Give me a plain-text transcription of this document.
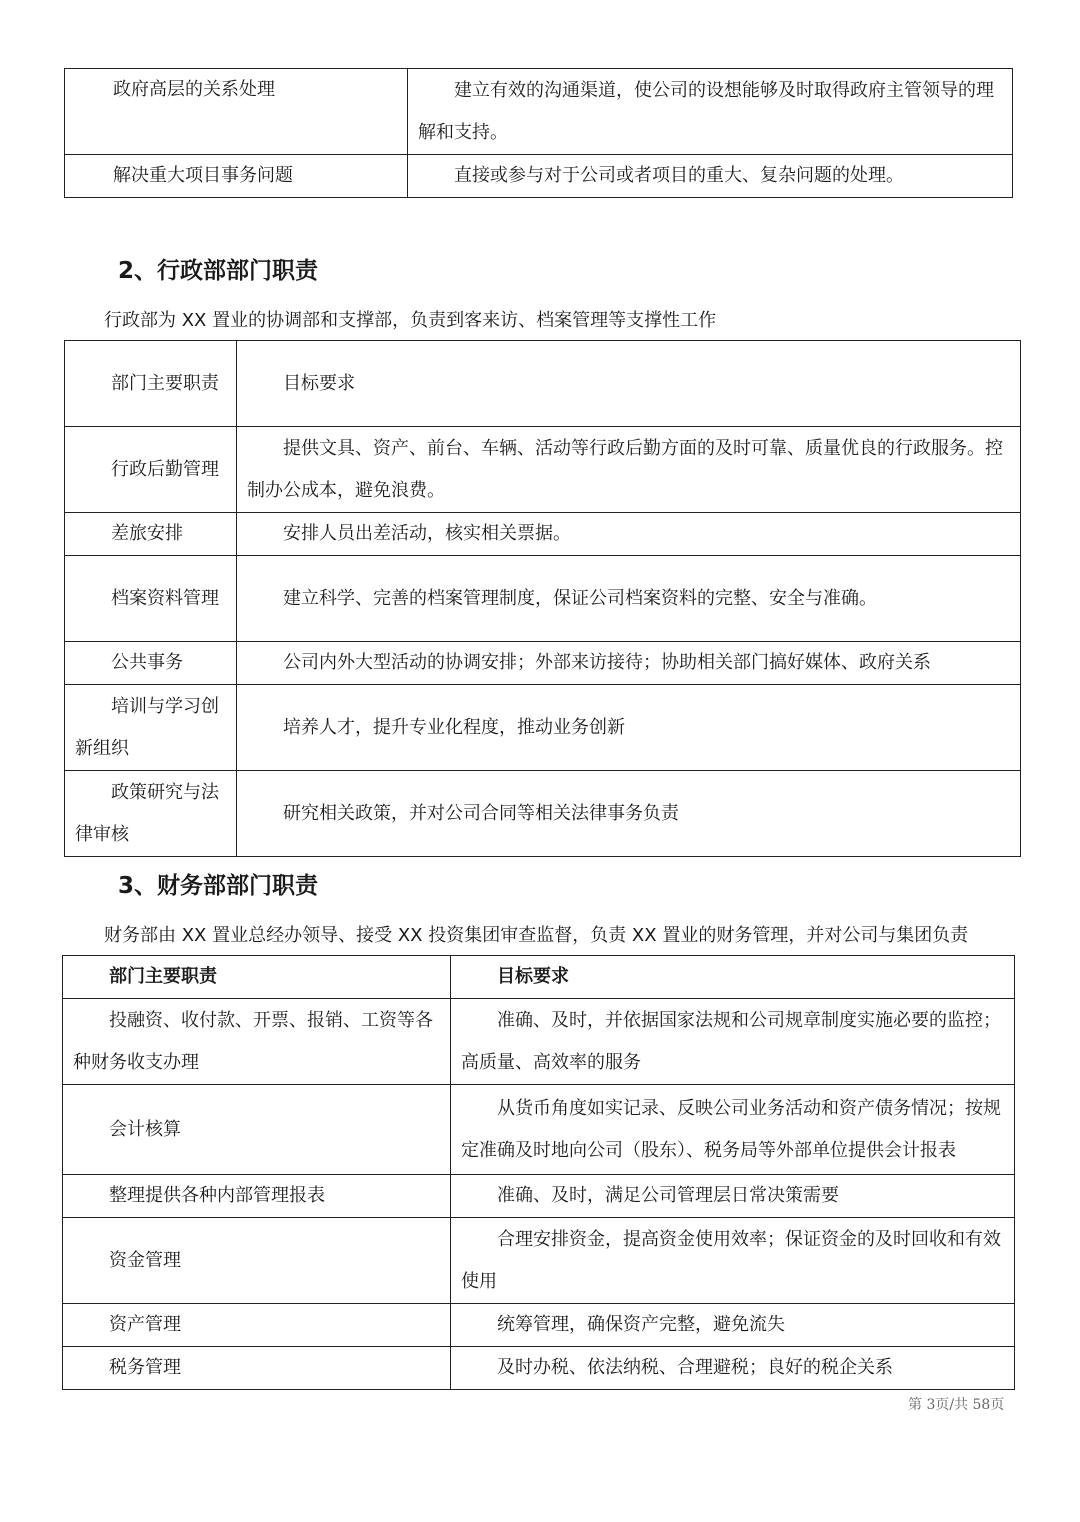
政府高层的关系处理	建立有效的沟通渠道，使公司的设想能够及时取得政府主管领导的理解和支持。
解决重大项目事务问题	直接或参与对于公司或者项目的重大、复杂问题的处理。
2、行政部部门职责

行政部为 XX 置业的协调部和支撑部，负责到客来访、档案管理等支撑性工作

部门主要职责	目标要求
行政后勤管理	提供文具、资产、前台、车辆、活动等行政后勤方面的及时可靠、质量优良的行政服务。控制办公成本，避免浪费。
差旅安排	安排人员出差活动，核实相关票据。
档案资料管理	建立科学、完善的档案管理制度，保证公司档案资料的完整、安全与准确。
公共事务	公司内外大型活动的协调安排；外部来访接待；协助相关部门搞好媒体、政府关系
培训与学习创新组织	培养人才，提升专业化程度，推动业务创新
政策研究与法律审核	研究相关政策，并对公司合同等相关法律事务负责
3、财务部部门职责

财务部由 XX 置业总经办领导、接受 XX 投资集团审查监督，负责 XX 置业的财务管理，并对公司与集团负责

部门主要职责	目标要求
投融资、收付款、开票、报销、工资等各种财务收支办理	准确、及时，并依据国家法规和公司规章制度实施必要的监控；高质量、高效率的服务
会计核算	从货币角度如实记录、反映公司业务活动和资产债务情况；按规定准确及时地向公司（股东）、税务局等外部单位提供会计报表
整理提供各种内部管理报表	准确、及时，满足公司管理层日常决策需要
资金管理	合理安排资金，提高资金使用效率；保证资金的及时回收和有效使用
资产管理	统筹管理，确保资产完整，避免流失
税务管理	及时办税、依法纳税、合理避税；良好的税企关系
第 3页/共 58页
